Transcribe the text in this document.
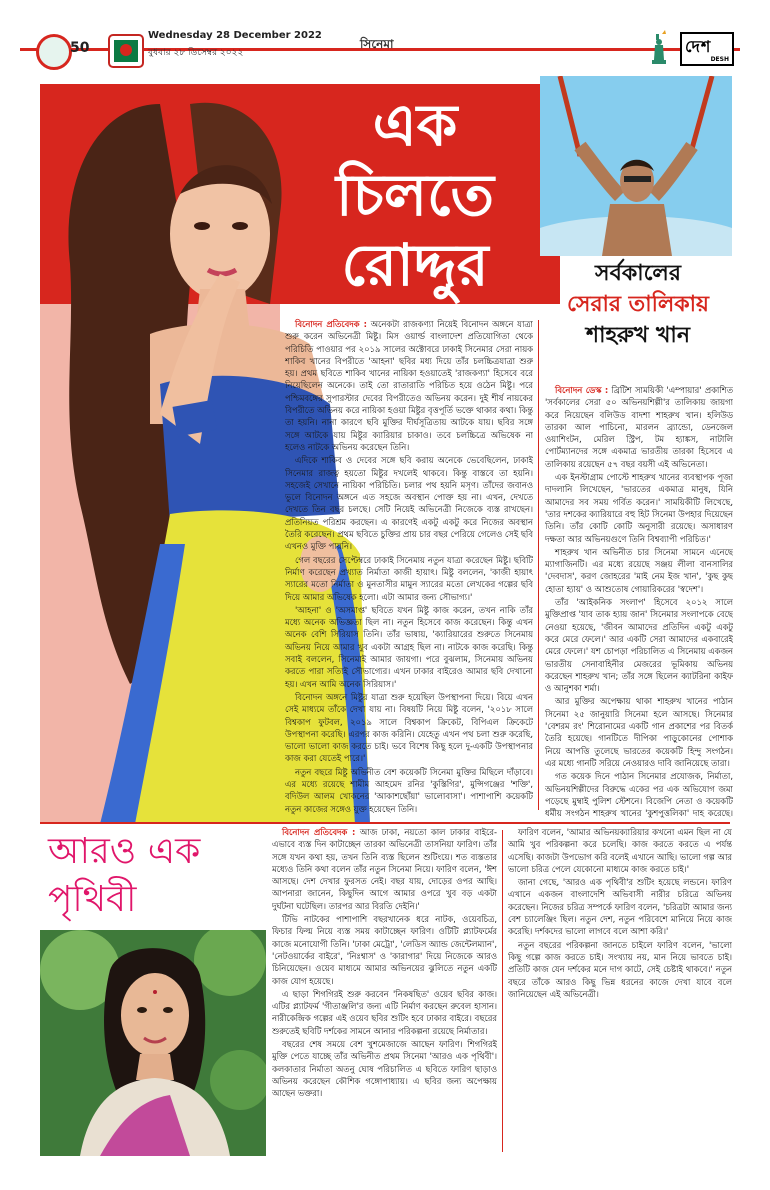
50
Wednesday 28 December 2022
বুধবার ২৮ ডিসেম্বর ২০২২
সিনেমা	দেশ
DESH
এক
চিলতে
রোদ্দুর	সর্বকালের
সেরার তালিকায়
শাহরুখ খান

বিনোদন প্রতিবেদক : অনেকটা রাজকণ্যা নিয়েই বিনোদন অঙ্গনে যাত্রা শুরু করেন অভিনেত্রী মিষ্টু। মিস ওয়ার্ল্ড বাংলাদেশ প্রতিযোগিতা থেকে পরিচিতি পাওয়ার পর ২০১৯ সালের অক্টোবরে ঢাকাই সিনেমার সেরা নায়ক শাকিব খানের বিপরীতে 'আহনা' ছবির মধ্য দিয়ে তাঁর চলচ্চিত্রযাত্রা শুরু হয়। প্রথম ছবিতে শাকিব খানের নায়িকা হওয়াতেই 'রাজকণ্যা' হিসেবে বরে নিয়েছিলেন অনেকে। তাই তো রাতারাতি পরিচিত হয়ে ওঠেন মিষ্টু। পরে পশ্চিমবঙ্গের সুপারস্টার দেবের বিপরীতেও অভিনয় করেন। দুই শীর্ষ নায়কের বিপরীতে অভিনয় করে নায়িকা হওয়া মিষ্টুর বৃত্তপূর্তি ভক্তে থাকার কথা। কিন্তু তা হয়নি। নানা কারণে ছবি মুক্তির দীর্ঘসূত্রিতায় আটকে যায়। ছবির সঙ্গে সঙ্গে আটকে যায় মিষ্টুর ক্যারিয়ার চাকাও। তবে চলচ্চিত্রে অভিষেক না হলেও নাটকে অভিনয় করেছেন তিনি।

এদিকে শাকিব ও দেবের সঙ্গে ছবি করায় অনেকে ভেবেছিলেন, ঢাকাই সিনেমার রাজত্ব হয়তো মিষ্টুর দখলেই থাকবে। কিন্তু বাস্তবে তা হয়নি। সহজেই সেখানে নায়িকা পরিচিতি। চলার পথ হয়নি মসৃণ। তাঁদের জবানও ভুলে বিনোদন অঙ্গনে এত সহজে অবস্থান পোক্ত হয় না। এখন, দেখতে দেখতে তিন বছর চলছে। সেটি নিয়েই অভিনেত্রী নিজেকে ব্যস্ত রাখছেন। প্রতিনিয়ত পরিশ্রম করছেন। এ কারণেই একটু একটু করে নিজের অবস্থান তৈরি করেছেন। প্রথম ছবিতে চুক্তির প্রায় চার বছর পেরিয়ে গেলেও সেই ছবি এখনও মুক্তি পায়নি।

গেল বছরের সেপ্টেম্বরে ঢাকাই সিনেমায় নতুন যাত্রা করেছেন মিষ্টু। ছবিটি নির্মাণ করেছেন প্রখ্যাত নির্মাতা কাজী হায়াৎ। মিষ্টু বললেন, 'কাজী হায়াৎ স্যারের মতো নির্মাতা ও মুনতাসীর মামুন স্যারের মতো লেখকের গল্পের ছবি দিয়ে আমার অভিষেক হলো। এটা আমার জন্য সৌভাগ্য।'

'আহনা' ও 'অসমাপ্ত' ছবিতে যখন মিষ্টু কাজ করেন, তখন নাকি তাঁর মধ্যে অনেক অভিজ্ঞতা ছিল না। নতুন হিসেবে কাজ করেছেন। কিন্তু এখন অনেক বেশি সিরিয়াস তিনি। তাঁর ভাষায়, 'ক্যারিয়ারের শুরুতে সিনেমায় অভিনয় নিয়ে আমার খুব একটা আগ্রহ ছিল না। নাটকে কাজ করেছি। কিন্তু সবাই বললেন, সিনেমাই আমার জায়গা। পরে বুঝলাম, সিনেমায় অভিনয় করতে পারা সত্যিই সৌভাগ্যের। এখন ঢাকার বাইরেও আমার ছবি দেখানো হয়। এখন আমি অনেক সিরিয়াস।'

বিনোদন অঙ্গনে মিষ্টুর যাত্রা শুরু হয়েছিল উপস্থাপনা দিয়ে। বিয়ে এখন সেই মাধ্যমে তাঁকে দেখা যায় না। বিষয়টি নিয়ে মিষ্টু বলেন, '২০১৮ সালে বিশ্বকাপ ফুটবল, ২০১৯ সালে বিশ্বকাপ ক্রিকেট, বিপিএল ক্রিকেটে উপস্থাপনা করেছি। এরপর কাজ করিনি। যেহেতু এখন পথ চলা শুরু করেছি, ভালো ভালো কাজ করতে চাই। ভবে বিশেষ কিছু হলে দু-একটি উপস্থাপনার কাজ করা যেতেই পারে।'

নতুন বছরে মিষ্টু অভিনীত বেশ কয়েকটি সিনেমা মুক্তির মিছিলে দাঁড়াবে। এর মধ্যে রয়েছে শামীম আহমেদ রনির 'কুস্তিগির', মুন্সিগঞ্জের 'শক্তি', বদিউল আলম খোকনের 'আকাশছোঁয়া' ভালোবাসা'। পাশাপাশি কয়েকটি নতুন কাজের সঙ্গেও যুক্ত হয়েছেন তিনি।

বিনোদন ডেস্ক : ব্রিটিশ সাময়িকী 'এম্পায়ার' প্রকাশিত 'সর্বকালের সেরা ৫০ অভিনয়শিল্পী'র তালিকায় জায়গা করে নিয়েছেন বলিউড বাদশা শাহরুখ খান। হলিউড তারকা আল পাচিনো, মারলন ব্র্যান্ডো, ডেনজেল ওয়াশিংটন, মেরিল স্ট্রিপ, টম হ্যাঙ্কস, নাটালি পোর্টম্যানদের সঙ্গে একমাত্র ভারতীয় তারকা হিসেবে এ তালিকায় রয়েছেন ৫৭ বছর বয়সী এই অভিনেতা।

এক ইনস্টাগ্রাম পোস্টে শাহরুখ খানের ব্যবস্থাপক পূজা দাদলানি লিখেছেন, 'ভারতের একমাত্র মানুষ, যিনি আমাদের সব সময় গর্বিত করেন।' সাময়িকীটি লিখেছে, 'তার দশকের ক্যারিয়ারে বহু হিট সিনেমা উপহার দিয়েছেন তিনি। তাঁর কোটি কোটি অনুসারী রয়েছে। অসাধারণ দক্ষতা আর অভিনয়গুণে তিনি বিশ্বব্যাপী পরিচিত।'

শাহরুখ খান অভিনীত চার সিনেমা সামনে এনেছে ম্যাগাজিনটি। এর মধ্যে রয়েছে সঞ্জয় লীলা বানসালির 'দেবদাস', করণ জোহরের 'মাই নেম ইজ খান', 'কুছ কুছ হোতা হ্যায়' ও আশুতোষ গোয়ারিকরের 'স্বদেশ'।

তাঁর 'আইকনিক সংলাপ' হিসেবে ২০১২ সালে মুক্তিপ্রাপ্ত 'যাব তাক হ্যায় জান' সিনেমার সংলাপকে বেছে নেওয়া হয়েছে, 'জীবন আমাদের প্রতিদিন একটু একটু করে মেরে ফেলে।' আর একটি সেরা আমাদের একবারেই মেরে ফেলে।' যশ চোপড়া পরিচালিত এ সিনেমায় একজন ভারতীয় সেনাবাহিনীর মেজরের ভূমিকায় অভিনয় করেছেন শাহরুখ খান; তাঁর সঙ্গে ছিলেন ক্যাটরিনা কাইফ ও আনুশকা শর্মা।

আর মুক্তির অপেক্ষায় থাকা শাহরুখ খানের পাঠান সিনেমা ২৫ জানুয়ারি সিনেমা হলে আসছে। সিনেমার 'বেশরম রং' শিরোনামের একটি গান প্রকাশের পর বিতর্ক তৈরি হয়েছে। গানটিতে দীপিকা পাড়ুকোনের পোশাক নিয়ে আপত্তি তুলেছে ভারতের কয়েকটি হিন্দু সংগঠন। এর মধ্যে গানটি সরিয়ে নেওয়ারও দাবি জানিয়েছে তারা।

গত কয়েক দিনে পাঠান সিনেমার প্রযোজক, নির্মাতা, অভিনয়শিল্পীদের বিরুদ্ধে একের পর এক অভিযোগ জমা পড়েছে মুম্বাই পুলিশ স্টেশনে। বিজেপি নেতা ও কয়েকটি ধর্মীয় সংগঠন শাহরুখ খানের 'কুশপুত্তলিকা' দাহ করেছে।

আরও এক
পৃথিবী

বিনোদন প্রতিবেদক : আজ ঢাকা, নয়তো কাল ঢাকার বাইরে-এভাবে ব্যস্ত দিন কাটাচ্ছেন তারকা অভিনেত্রী তাসনিয়া ফারিণ। তাঁর সঙ্গে যখন কথা হয়, তখন তিনি ব্যস্ত ছিলেন শুটিংয়ে। শত ব্যস্ততার মধ্যেও তিনি কথা বলেন তাঁর নতুন সিনেমা নিয়ে। ফারিণ বলেন, 'ঈশ আসছে। দেশ দেখার ফুরসত নেই। বছর যায়, দোড়ের ওপর আছি। আপনারা জানেন, কিছুদিন আগে আমার ওপরে খুব বড় একটা দুর্ঘটনা ঘটেছিল। তারপর আর বিরতি দেইনি।'

টিভি নাটকের পাশাপাশি বছরখানেক ধরে নাটক, ওয়েবচিত্র, ফিচার ফিল্ম নিয়ে ব্যস্ত সময় কাটাচ্ছেন ফারিণ। ওটিটি প্ল্যাটফর্মের কাজে মনোযোগী তিনি। 'ঢাকা মেট্রো', 'লেডিস অ্যান্ড জেন্টেলম্যান', 'নেটওয়ার্কের বাইরে', 'নিঃশ্বাস' ও 'কারাগার' দিয়ে নিজেকে আরও চিনিয়েছেন। ওয়েব মাধ্যমে আমার অভিনয়ের ঝুলিতে নতুন একটি কাজ যোগ হয়েছে।

এ ছাড়া শিগগিরই শুরু করবেন 'নিকষছিত' ওয়েব ছবির কাজ। এটির প্ল্যাটফর্ম 'গীতাঞ্জলি'র জন্য এটি নির্মাণ করছেন রুবেল হাসান। নারীকেন্দ্রিক গল্পের এই ওয়েব ছবির শুটিং হবে ঢাকার বাইরে। বছরের শুরুতেই ছবিটি দর্শকের সামনে আনার পরিকল্পনা রয়েছে নির্মাতার।

বছরের শেষ সময়ে বেশ খুশমেজাজে আছেন ফারিণ। শিগগিরই মুক্তি পেতে যাচ্ছে তাঁর অভিনীত প্রথম সিনেমা 'আরও এক পৃথিবী'। কলকাতার নির্মাতা অতনু ঘোষ পরিচালিত এ ছবিতে ফারিণ ছাড়াও অভিনয় করেছেন কৌশিক গঙ্গোপাধ্যায়। এ ছবির জন্য অপেক্ষায় আছেন ভক্তরা।

ফারিণ বলেন, 'আমার অভিনয়ক্যারিয়ার কখনো এমন ছিল না যে আমি খুব পরিকল্পনা করে চলেছি। কাজ করতে করতে এ পর্যন্ত এসেছি। কাজটা উপভোগ করি বলেই এখানে আছি। ভালো গল্প আর ভালো চরিত্র পেলে যেকোনো মাধ্যমে কাজ করতে চাই।'

জানা গেছে, 'আরও এক পৃথিবী'র শুটিং হয়েছে লন্ডনে। ফারিণ এখানে একজন বাংলাদেশি অভিবাসী নারীর চরিত্রে অভিনয় করেছেন। নিজের চরিত্র সম্পর্কে ফারিণ বলেন, 'চরিত্রটা আমার জন্য বেশ চ্যালেঞ্জিং ছিল। নতুন দেশ, নতুন পরিবেশে মানিয়ে নিয়ে কাজ করেছি। দর্শকদের ভালো লাগবে বলে আশা করি।'

নতুন বছরের পরিকল্পনা জানতে চাইলে ফারিণ বলেন, 'ভালো কিছু গল্পে কাজ করতে চাই। সংখ্যায় নয়, মান নিয়ে ভাবতে চাই। প্রতিটি কাজ যেন দর্শকের মনে দাগ কাটে, সেই চেষ্টাই থাকবে।' নতুন বছরে তাঁকে আরও কিছু ভিন্ন ধরনের কাজে দেখা যাবে বলে জানিয়েছেন এই অভিনেত্রী।
